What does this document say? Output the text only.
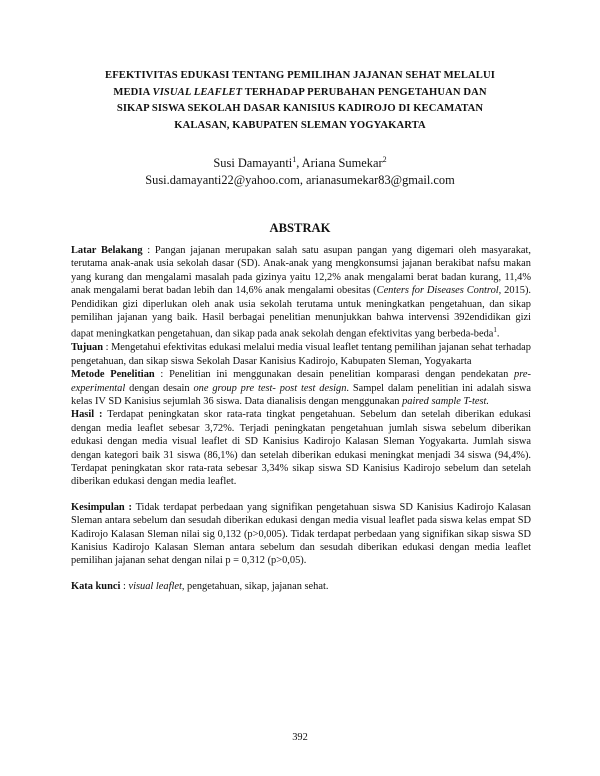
EFEKTIVITAS EDUKASI TENTANG PEMILIHAN JAJANAN SEHAT MELALUI
MEDIA VISUAL LEAFLET TERHADAP PERUBAHAN PENGETAHUAN DAN
SIKAP SISWA SEKOLAH DASAR KANISIUS KADIROJO DI KECAMATAN
KALASAN, KABUPATEN SLEMAN YOGYAKARTA
Susi Damayanti$^1$, Ariana Sumekar$^2$
Susi.damayanti22@yahoo.com, arianasumekar83@gmail.com
ABSTRAK

Latar Belakang : Pangan jajanan merupakan salah satu asupan pangan yang digemari oleh masyarakat, terutama anak-anak usia sekolah dasar (SD). Anak-anak yang mengkonsumsi jajanan berakibat nafsu makan yang kurang dan mengalami masalah pada gizinya yaitu 12,2% anak mengalami berat badan kurang, 11,4% anak mengalami berat badan lebih dan 14,6% anak mengalami obesitas (Centers for Diseases Control, 2015). Pendidikan gizi diperlukan oleh anak usia sekolah terutama untuk meningkatkan pengetahuan, dan sikap pemilihan jajanan yang baik. Hasil berbagai penelitian menunjukkan bahwa intervensi 392endidikan gizi dapat meningkatkan pengetahuan, dan sikap pada anak sekolah dengan efektivitas yang berbeda-beda$^1$.

Tujuan : Mengetahui efektivitas edukasi melalui media visual leaflet tentang pemilihan jajanan sehat terhadap pengetahuan, dan sikap siswa Sekolah Dasar Kanisius Kadirojo, Kabupaten Sleman, Yogyakarta

Metode Penelitian : Penelitian ini menggunakan desain penelitian komparasi dengan pendekatan pre-experimental dengan desain one group pre test- post test design. Sampel dalam penelitian ini adalah siswa kelas IV SD Kanisius sejumlah 36 siswa. Data dianalisis dengan menggunakan paired sample T-test.

Hasil : Terdapat peningkatan skor rata-rata tingkat pengetahuan. Sebelum dan setelah diberikan edukasi dengan media leaflet sebesar 3,72%. Terjadi peningkatan pengetahuan jumlah siswa sebelum diberikan edukasi dengan media visual leaflet di SD Kanisius Kadirojo Kalasan Sleman Yogyakarta. Jumlah siswa dengan kategori baik 31 siswa (86,1%) dan setelah diberikan edukasi meningkat menjadi 34 siswa (94,4%). Terdapat peningkatan skor rata-rata sebesar 3,34% sikap siswa SD Kanisius Kadirojo sebelum dan setelah diberikan edukasi dengan media leaflet.

Kesimpulan : Tidak terdapat perbedaan yang signifikan pengetahuan siswa SD Kanisius Kadirojo Kalasan Sleman antara sebelum dan sesudah diberikan edukasi dengan media visual leaflet pada siswa kelas empat SD Kadirojo Kalasan Sleman nilai sig 0,132 (p>0,005). Tidak terdapat perbedaan yang signifikan sikap siswa SD Kanisius Kadirojo Kalasan Sleman antara sebelum dan sesudah diberikan edukasi dengan media leaflet pemilihan jajanan sehat dengan nilai p = 0,312 (p>0,05).

Kata kunci : visual leaflet, pengetahuan, sikap, jajanan sehat.

392
